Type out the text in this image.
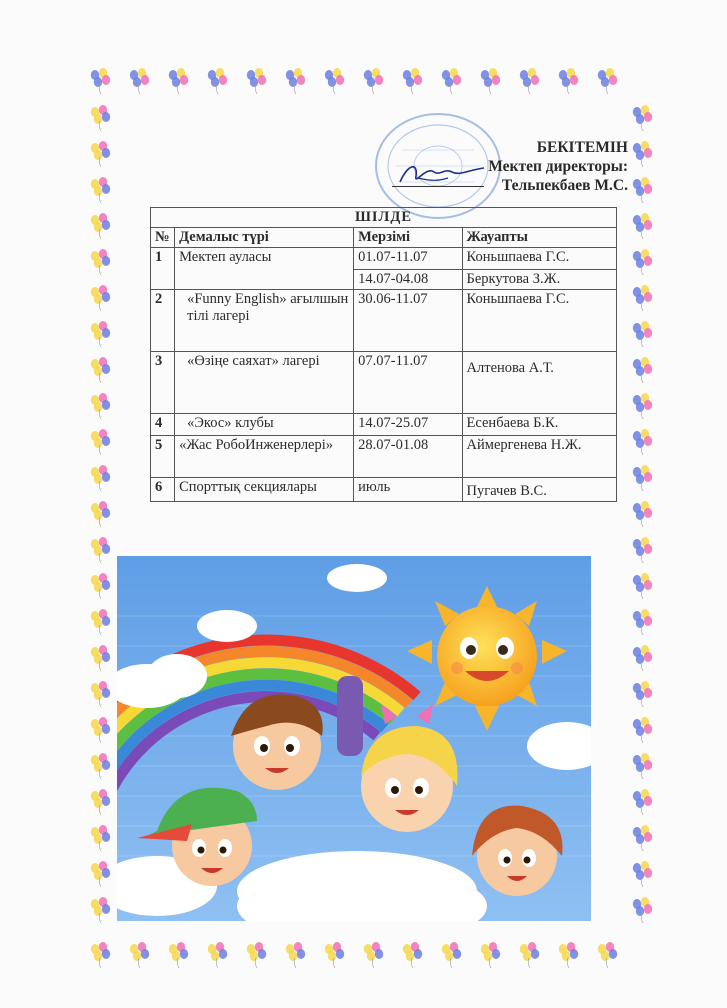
БЕКІТЕМІН
Мектеп директоры:
Тельпекбаев М.С.
ШІЛДЕ			
№	Демалыс түрі	Мерзімі	Жауапты
1	Мектеп ауласы	01.07-11.07	Коньшпаева Г.С.
		14.07-04.08	Беркутова З.Ж.
2	«Funny English» ағылшын тілі лагері	30.06-11.07	Коньшпаева Г.С.
3	«Өзіңе саяхат» лагері	07.07-11.07	Алтенова А.Т.
4	«Экос» клубы	14.07-25.07	Есенбаева Б.К.
5	«Жас РобоИнженерлері»	28.07-01.08	Аймергенева Н.Ж.
6	Спорттық секциялары	июль	Пугачев В.С.
